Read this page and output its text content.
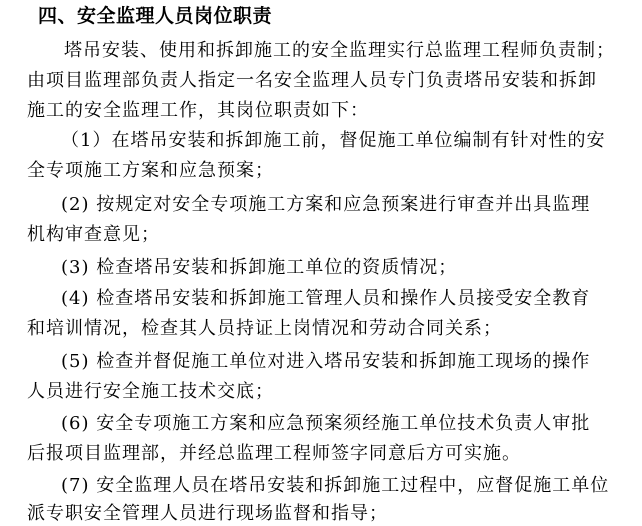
四、安全监理人员岗位职责
塔吊安装、使用和拆卸施工的安全监理实行总监理工程师负责制；
由项目监理部负责人指定一名安全监理人员专门负责塔吊安装和拆卸
施工的安全监理工作，其岗位职责如下：
（1）在塔吊安装和拆卸施工前，督促施工单位编制有针对性的安
全专项施工方案和应急预案；
(2) 按规定对安全专项施工方案和应急预案进行审查并出具监理
机构审查意见；
(3) 检查塔吊安装和拆卸施工单位的资质情况；
(4) 检查塔吊安装和拆卸施工管理人员和操作人员接受安全教育
和培训情况，检查其人员持证上岗情况和劳动合同关系；
(5) 检查并督促施工单位对进入塔吊安装和拆卸施工现场的操作
人员进行安全施工技术交底；
(6) 安全专项施工方案和应急预案须经施工单位技术负责人审批
后报项目监理部，并经总监理工程师签字同意后方可实施。
(7) 安全监理人员在塔吊安装和拆卸施工过程中，应督促施工单位
派专职安全管理人员进行现场监督和指导；
